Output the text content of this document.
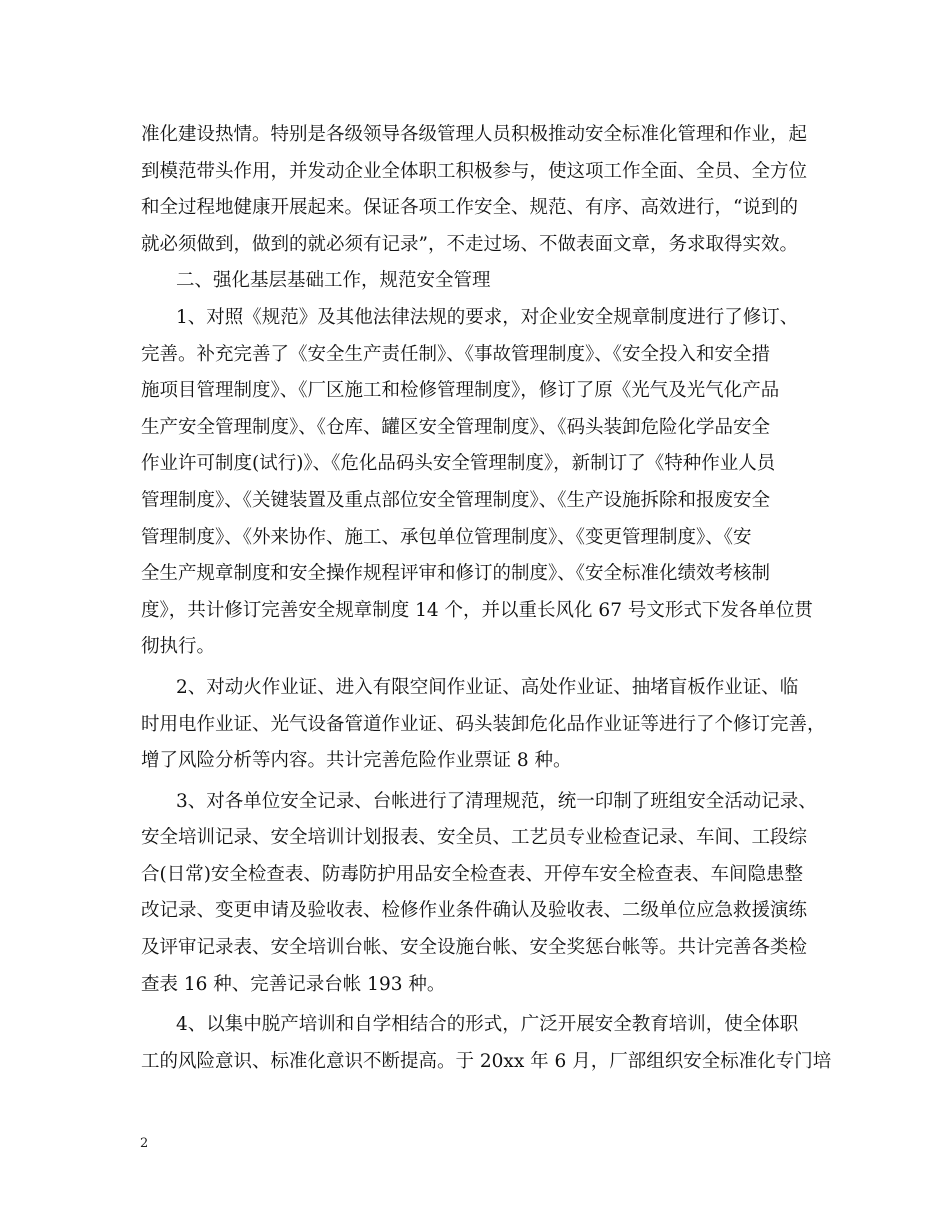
准化建设热情。特别是各级领导各级管理人员积极推动安全标准化管理和作业，起
到模范带头作用，并发动企业全体职工积极参与，使这项工作全面、全员、全方位
和全过程地健康开展起来。保证各项工作安全、规范、有序、高效进行，“说到的
就必须做到，做到的就必须有记录”，不走过场、不做表面文章，务求取得实效。
二、强化基层基础工作，规范安全管理
1、对照《规范》及其他法律法规的要求，对企业安全规章制度进行了修订、
完善。补充完善了《安全生产责任制》、《事故管理制度》、《安全投入和安全措
施项目管理制度》、《厂区施工和检修管理制度》，修订了原《光气及光气化产品
生产安全管理制度》、《仓库、罐区安全管理制度》、《码头装卸危险化学品安全
作业许可制度(试行)》、《危化品码头安全管理制度》，新制订了《特种作业人员
管理制度》、《关键装置及重点部位安全管理制度》、《生产设施拆除和报废安全
管理制度》、《外来协作、施工、承包单位管理制度》、《变更管理制度》、《安
全生产规章制度和安全操作规程评审和修订的制度》、《安全标准化绩效考核制
度》，共计修订完善安全规章制度 14 个，并以重长风化 67 号文形式下发各单位贯
彻执行。
2、对动火作业证、进入有限空间作业证、高处作业证、抽堵盲板作业证、临
时用电作业证、光气设备管道作业证、码头装卸危化品作业证等进行了个修订完善，
增了风险分析等内容。共计完善危险作业票证 8 种。
3、对各单位安全记录、台帐进行了清理规范，统一印制了班组安全活动记录、
安全培训记录、安全培训计划报表、安全员、工艺员专业检查记录、车间、工段综
合(日常)安全检查表、防毒防护用品安全检查表、开停车安全检查表、车间隐患整
改记录、变更申请及验收表、检修作业条件确认及验收表、二级单位应急救援演练
及评审记录表、安全培训台帐、安全设施台帐、安全奖惩台帐等。共计完善各类检
查表 16 种、完善记录台帐 193 种。
4、以集中脱产培训和自学相结合的形式，广泛开展安全教育培训，使全体职
工的风险意识、标准化意识不断提高。于 20xx 年 6 月，厂部组织安全标准化专门培
2
